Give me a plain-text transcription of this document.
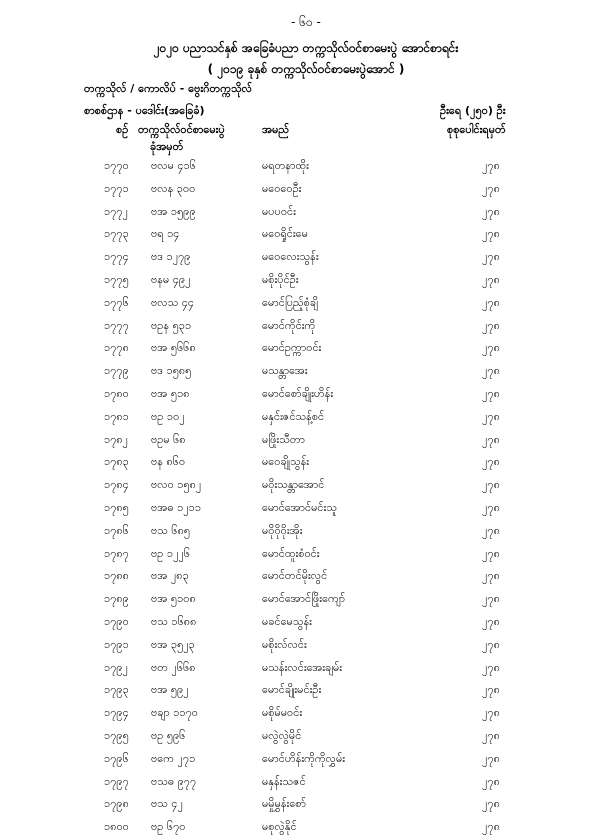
- ၆၀ -
၂၀၂၀ ပညာသင်နှစ် အခြေခံပညာ တက္ကသိုလ်ဝင်စာမေးပွဲ အောင်စာရင်း
( ၂၀၁၉ ခုနှစ် တက္ကသိုလ်ဝင်စာမေးပွဲအောင် )
တက္ကသိုလ် / ကောလိပ် - ဗွေးဂိတက္ကသိုလ်
စာစစ်ဌာန - ပဒေါင်း(အခြေခံ)	ဦးရေ (၂၅၀) ဦး
စဉ် တက္ကသိုလ်ဝင်စာမေးပွဲ
ခုံအမှတ်
အမည်	စုစုပေါင်းရမှတ်
၁၇၇၀ ဗလမ ၄၁၆	မရတနာထိုး	၂၇၈
၁၇၇၁ ဗလန ၃၀၀	မဝေဝေဦး	၂၇၈
၁၇၇၂ ဗအ ၁၅၉၉	မပပဝင်း	၂၇၈
၁၇၇၃ ဗရ ၁၄	မဝေရှိုင်းမေ	၂၇၈
၁၇၇၄ ဗဒ ၁၂၇၉	မဝေလေးသွန်း	၂၇၈
၁၇၇၅ ဗနမ ၄၉၂	မစိုးပိုင်ဦး	၂၇၈
၁၇၇၆ ဗလသ ၄၄	မောင်ပြည့်စုံချိ	၂၇၈
၁၇၇၇ ဗဥန ၅၃၁	မောင်ကိုင်းကို	၂၇၈
၁၇၇၈ ဗအ ၅၆၆၈	မောင်ဥက္ကာဝင်း	၂၇၈
၁၇၇၉ ဗဒ ၁၅၈၅	မသန္တာအေး	၂၇၈
၁၇၈၀ ဗအ ၅၁၈	မောင်စော်ချိုးဟိန်း	၂၇၈
၁၇၈၁ ဗဥ ၁၀၂	မနှင်းဇင်သန့်စင်	၂၇၈
၁၇၈၂ ဗဥမ ၆၈	မဖြိုးသီတာ	၂၇၈
၁၇၈၃ ဗန ၈၆၀	မဝေချိုသွန်း	၂၇၈
၁၇၈၄ ဗလဝ ၁၅၈၂	မဝိုးသန္တာအောင်	၂၇၈
၁၇၈၅ ဗအဓ ၁၂၁၁	မောင်အောင်မင်းသူ	၂၇၈
၁၇၈၆ ဗသ ၆၈၅	မဝိုဝိုဝိုးအိုး	၂၇၈
၁၇၈၇ ဗဥ ၁၂၂၆	မောင်ထူးစံဝင်း	၂၇၈
၁၇၈၈ ဗအ ၂၈၃	မောင်တင်မိုးလွင်	၂၇၈
၁၇၈၉ ဗအ ၅၁၀၈	မောင်အောင်ဖြိုးကျော်	၂၇၈
၁၇၉၀ ဗသ ၁၆၈၈	မခင်မေသွန်း	၂၇၈
၁၇၉၁ ဗအ ၃၅၂၃	မစိုးလ်လင်း	၂၇၈
၁၇၉၂ ဗတ ၂၆၆၈	မသန်းလင်းအေးချမ်း	၂၇၈
၁၇၉၃ ဗအ ၅၉၂	မောင်ချိုးမင်းဦး	၂၇၈
၁၇၉၄ ဗချာ ၁၁၇၀	မစိုမ်မဝင်း	၂၇၈
၁၇၉၅ ဗဥ ၅၉၆	မလွဲလွဲမိုင်	၂၇၈
၁၇၉၆ ဗကေ ၂၇၁	မောင်ဟိန်းကိုကိုလွှမ်း	၂၇၈
၁၇၉၇ ဗသဓ ၉၇၇	မနှန်းသဇင်	၂၇၈
၁၇၉၈ ဗသ ၄၂	မမှိုမွှန်းစော်	၂၇၈
၁၈၀၀ ဗဥ ၆၇၀	မစုလွဲနိုင်	၂၇၈
